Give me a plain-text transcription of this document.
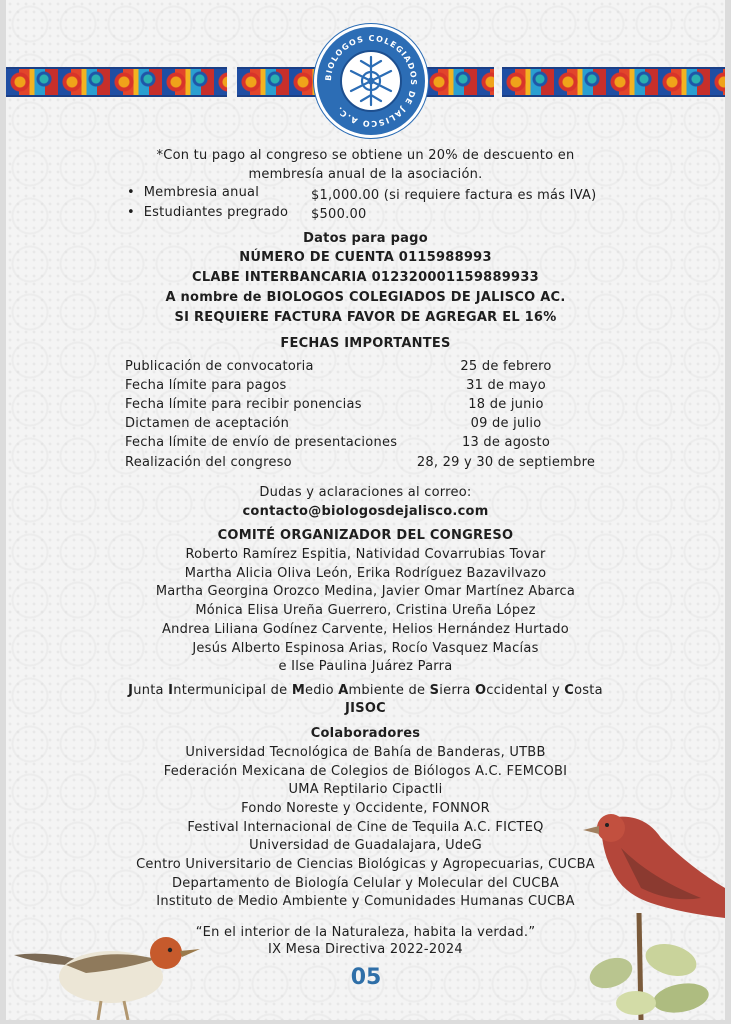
BIOLOGOS COLEGIADOS DE JALISCO A.C.
*Con tu pago al congreso se obtiene un 20% de descuento en
membresía anual de la asociación.
• Membresia anual	$1,000.00 (si requiere factura es más IVA)
• Estudiantes pregrado $500.00
Datos para pago
NÚMERO DE CUENTA 0115988993
CLABE INTERBANCARIA 012320001159889933
A nombre de BIOLOGOS COLEGIADOS DE JALISCO AC.
SI REQUIERE FACTURA FAVOR DE AGREGAR EL 16%
FECHAS IMPORTANTES
Publicación de convocatoria	25 de febrero
Fecha límite para pagos	31 de mayo
Fecha límite para recibir ponencias	18 de junio
Dictamen de aceptación	09 de julio
Fecha límite de envío de presentaciones	13 de agosto
Realización del congreso	28, 29 y 30 de septiembre
Dudas y aclaraciones al correo:
contacto@biologosdejalisco.com
COMITÉ ORGANIZADOR DEL CONGRESO
Roberto Ramírez Espitia, Natividad Covarrubias Tovar
Martha Alicia Oliva León, Erika Rodríguez Bazavilvazo
Martha Georgina Orozco Medina, Javier Omar Martínez Abarca
Mónica Elisa Ureña Guerrero, Cristina Ureña López
Andrea Liliana Godínez Carvente, Helios Hernández Hurtado
Jesús Alberto Espinosa Arias, Rocío Vasquez Macías
e Ilse Paulina Juárez Parra
Junta Intermunicipal de Medio Ambiente de Sierra Occidental y Costa
JISOC
Colaboradores
Universidad Tecnológica de Bahía de Banderas, UTBB
Federación Mexicana de Colegios de Biólogos A.C. FEMCOBI
UMA Reptilario Cipactli
Fondo Noreste y Occidente, FONNOR
Festival Internacional de Cine de Tequila A.C. FICTEQ
Universidad de Guadalajara, UdeG
Centro Universitario de Ciencias Biológicas y Agropecuarias, CUCBA
Departamento de Biología Celular y Molecular del CUCBA
Instituto de Medio Ambiente y Comunidades Humanas CUCBA
“En el interior de la Naturaleza, habita la verdad.”
IX Mesa Directiva 2022-2024
05
